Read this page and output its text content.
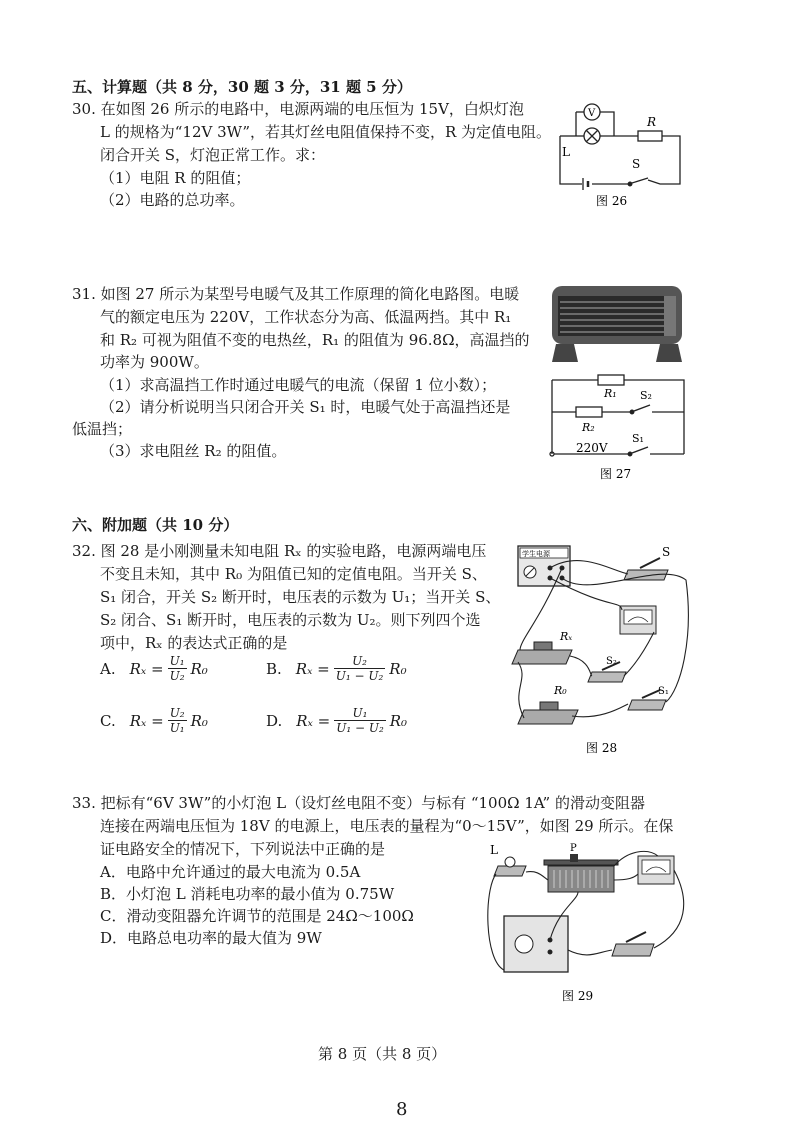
五、计算题（共 8 分，30 题 3 分，31 题 5 分）
30. 在如图 26 所示的电路中，电源两端的电压恒为 15V，白炽灯泡
L 的规格为“12V 3W”，若其灯丝电阻值保持不变，R 为定值电阻。
闭合开关 S，灯泡正常工作。求：
（1）电阻 R 的阻值；
（2）电路的总功率。
V
R
L
S
图 26
31. 如图 27 所示为某型号电暖气及其工作原理的简化电路图。电暖
气的额定电压为 220V，工作状态分为高、低温两挡。其中 R₁
和 R₂ 可视为阻值不变的电热丝，R₁ 的阻值为 96.8Ω，高温挡的
功率为 900W。
（1）求高温挡工作时通过电暖气的电流（保留 1 位小数）；
（2）请分析说明当只闭合开关 S₁ 时，电暖气处于高温挡还是
低温挡；
（3）求电阻丝 R₂ 的阻值。
R₁ S₂
R₂
S₁
220V
图 27
六、附加题（共 10 分）
32. 图 28 是小刚测量未知电阻 Rₓ 的实验电路，电源两端电压
不变且未知，其中 R₀ 为阻值已知的定值电阻。当开关 S、
S₁ 闭合，开关 S₂ 断开时，电压表的示数为 U₁；当开关 S、
S₂ 闭合、S₁ 断开时，电压表的示数为 U₂。则下列四个选
项中，Rₓ 的表达式正确的是
A. $R_x = \frac{\text{U₁}}{\text{U₂}} R_0$	B. $R_x = \frac{\text{U₂}}{\text{U₁ − U₂}} R_0$
C. $R_x = \frac{\text{U₂}}{\text{U₁}} R_0$	D. $R_x = \frac{\text{U₁}}{\text{U₁ − U₂}} R_0$
学生电源	S
Rₓ
S₂
R₀	S₁
图 28
33. 把标有“6V 3W”的小灯泡 L（设灯丝电阻不变）与标有 “100Ω 1A” 的滑动变阻器
连接在两端电压恒为 18V 的电源上，电压表的量程为“0～15V”，如图 29 所示。在保
证电路安全的情况下，下列说法中正确的是
A．电路中允许通过的最大电流为 0.5A
B．小灯泡 L 消耗电功率的最小值为 0.75W
C．滑动变阻器允许调节的范围是 24Ω～100Ω
D．电路总电功率的最大值为 9W
L	P
图 29
第 8 页（共 8 页）
8
